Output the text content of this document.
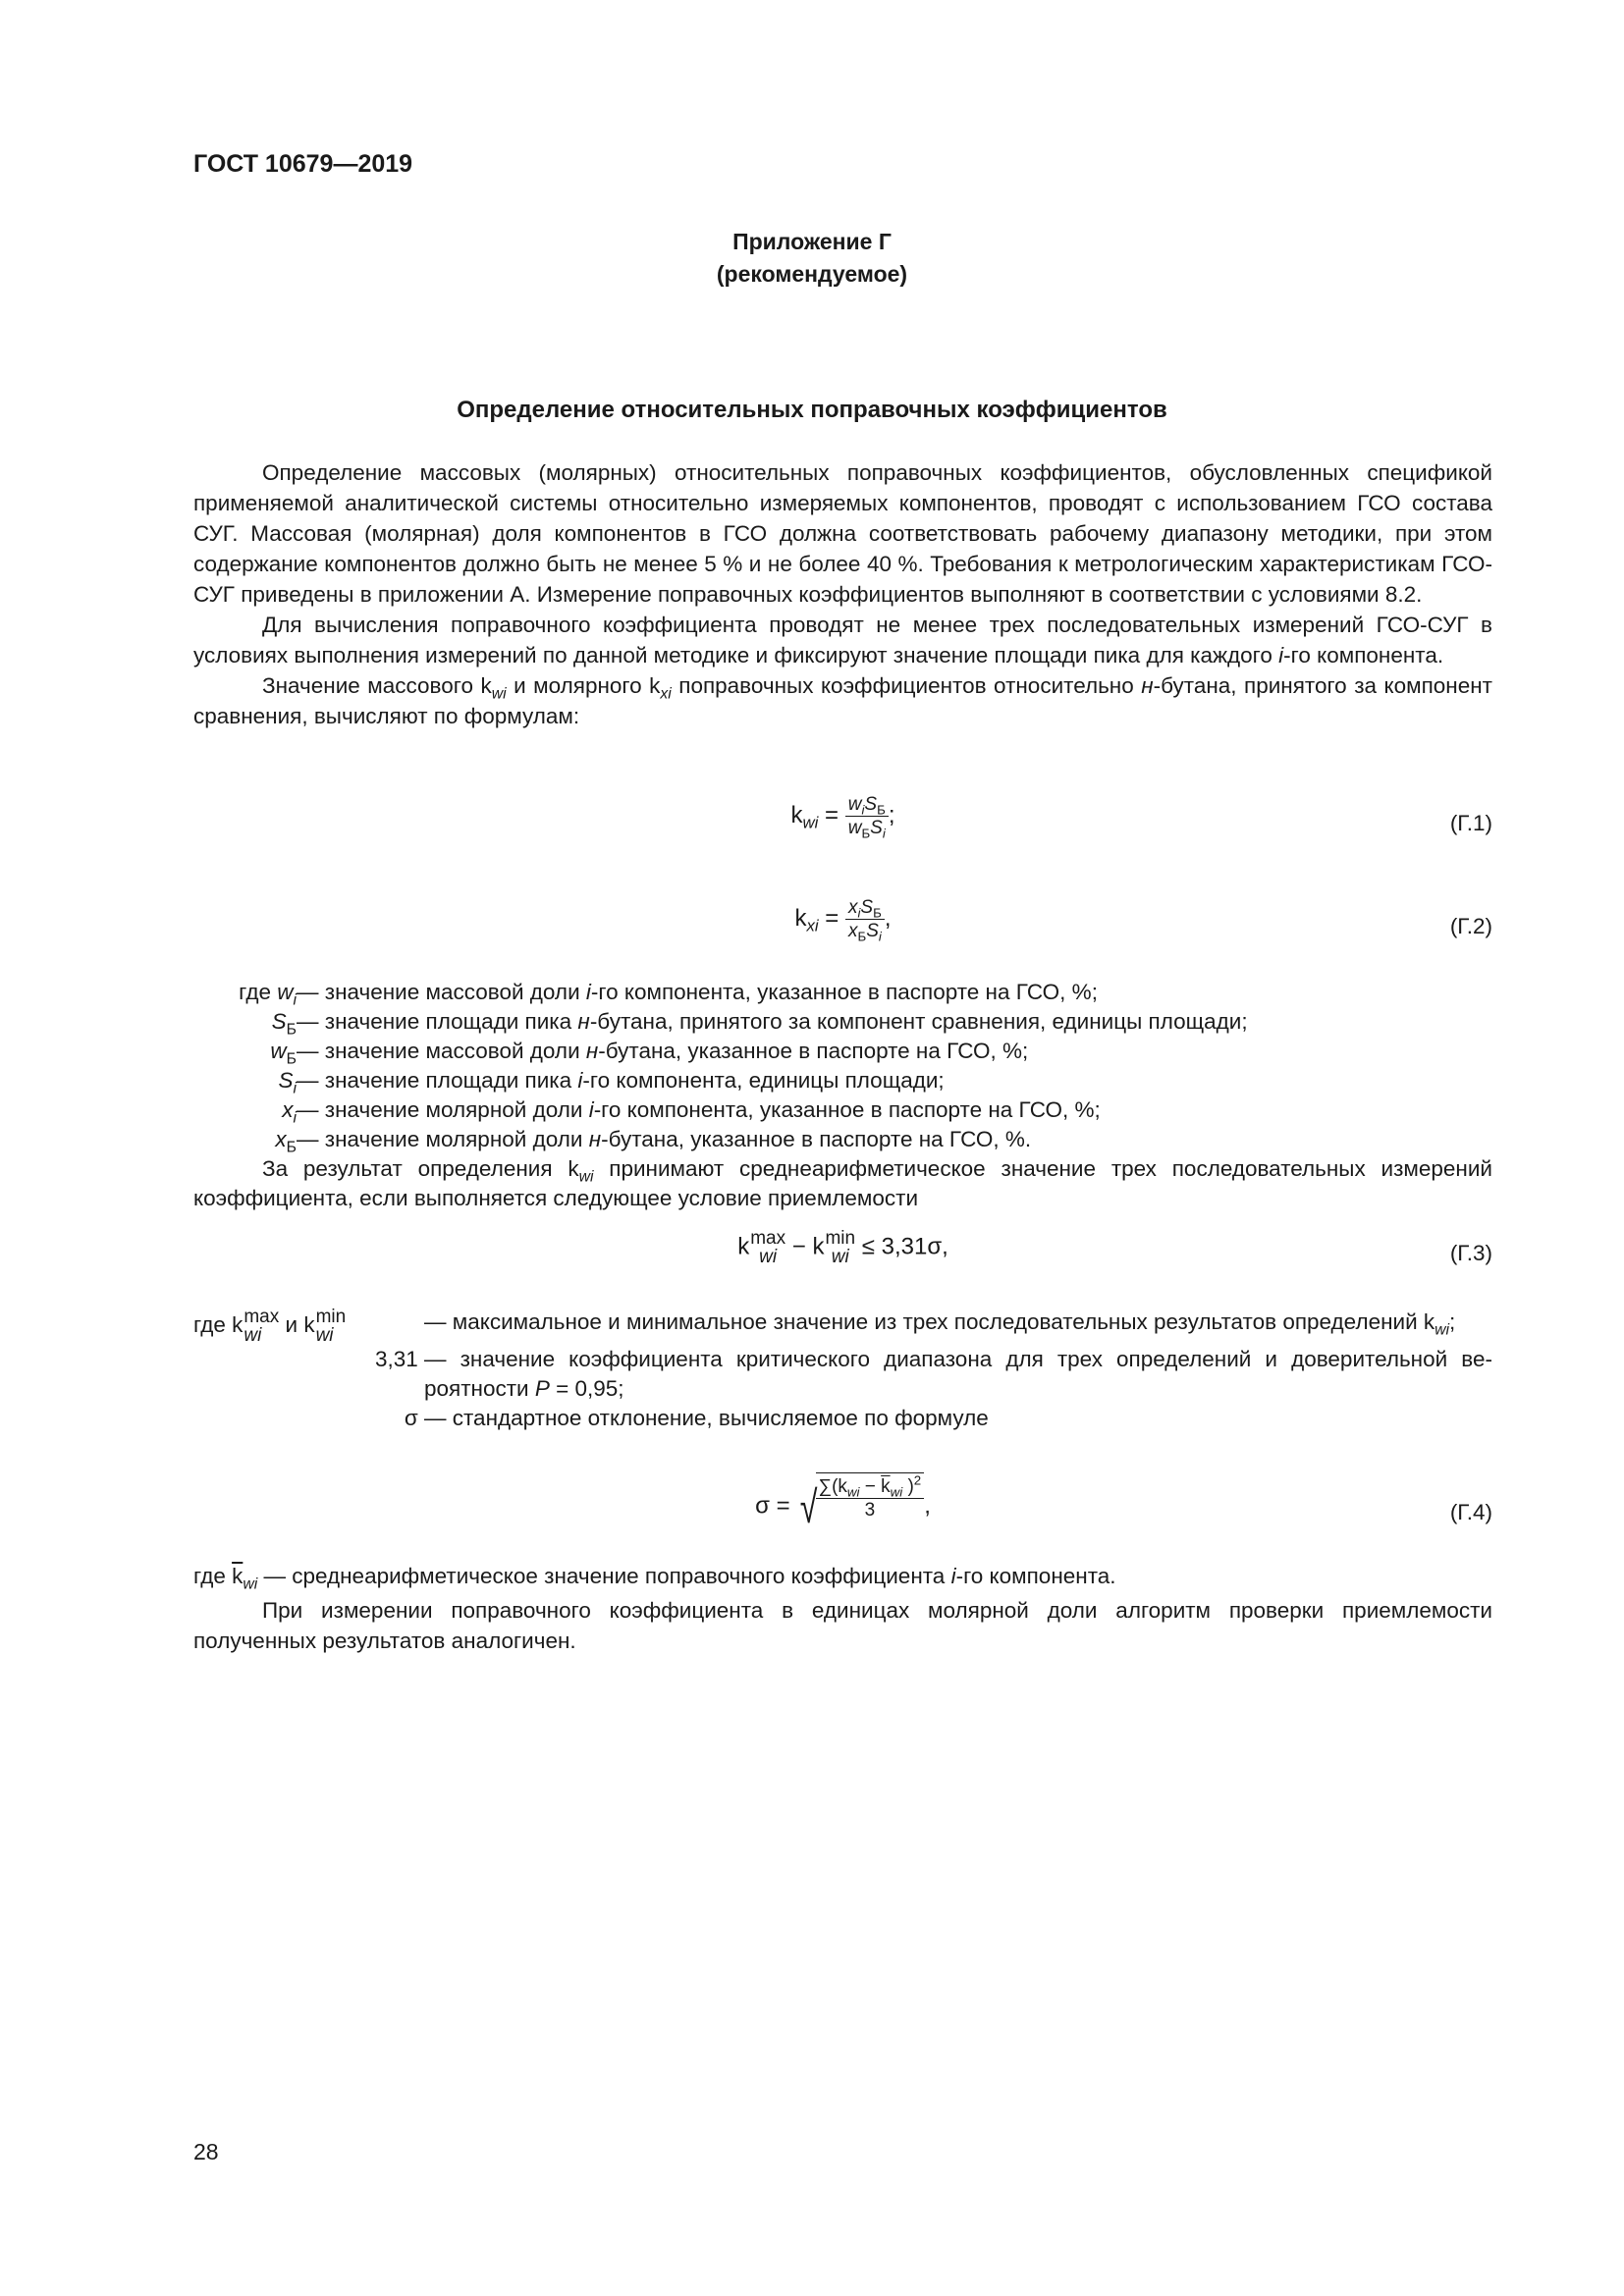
ГОСТ 10679—2019
Приложение Г
(рекомендуемое)
Определение относительных поправочных коэффициентов

Определение массовых (молярных) относительных поправочных коэффициентов, обусловленных спецификой применяемой аналитической системы относительно измеряемых компонентов, проводят с использованием ГСО состава СУГ. Массовая (молярная) доля компонентов в ГСО должна соответствовать рабочему диапазону методики, при этом содержание компонентов должно быть не менее 5 % и не более 40 %. Требования к метрологическим характеристикам ГСО-СУГ приведены в приложении А. Измерение поправочных коэффициентов выполняют в соответствии с условиями 8.2.

Для вычисления поправочного коэффициента проводят не менее трех последовательных измерений ГСО-СУГ в условиях выполнения измерений по данной методике и фиксируют значение площади пика для каждого i-го компонента.

Значение массового $k_{wi}$ и молярного $k_{xi}$ поправочных коэффициентов относительно н-бутана, принятого за компонент сравнения, вычисляют по формулам:

$k_{wi} = \frac{w_iS_Б}{w_БS_i}$ ;	(Г.1)
$k_{xi} = \frac{x_iS_Б}{x_БS_i}$ ,	(Г.2)
где $w_i$ — значение массовой доли i-го компонента, указанное в паспорте на ГСО, %;
$S_Б$ — значение площади пика н-бутана, принятого за компонент сравнения, единицы площади;
$w_Б$ — значение массовой доли н-бутана, указанное в паспорте на ГСО, %;
$S_i$ — значение площади пика i-го компонента, единицы площади;
$x_i$ — значение молярной доли i-го компонента, указанное в паспорте на ГСО, %;
$x_Б$ — значение молярной доли н-бутана, указанное в паспорте на ГСО, %.

За результат определения $k_{wi}$ принимают среднеарифметическое значение трех последовательных измерений коэффициента, если выполняется следующее условие приемлемости

k max
wi − k min
wi ≤ 3,31σ,	(Г.3)
где k max
wi и k min
wi

— максимальное и минимальное значение из трех последовательных результатов определений $k_{wi}$;
3,31 — значение коэффициента критического диапазона для трех определений и доверительной вероятности P = 0,95;
σ — стандартное отклонение, вычисляемое по формуле
σ = √
$\frac{\sum(k_{wi} - \overline{k}_{wi} )^2}{3}$ ,	(Г.4)

где $\overline{k}_{wi}$ — среднеарифметическое значение поправочного коэффициента i-го компонента.

При измерении поправочного коэффициента в единицах молярной доли алгоритм проверки приемлемости полученных результатов аналогичен.

28
